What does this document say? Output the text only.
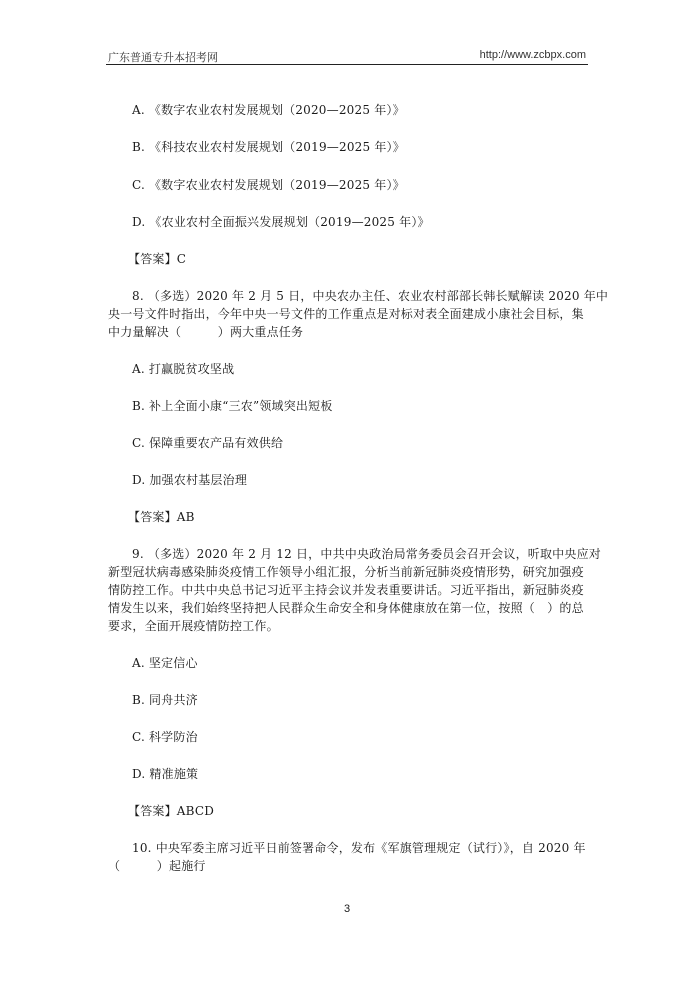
广东普通专升本招考网	http://www.zcbpx.com
A. 《数字农业农村发展规划（2020—2025 年）》
B. 《科技农业农村发展规划（2019—2025 年）》
C. 《数字农业农村发展规划（2019—2025 年）》
D. 《农业农村全面振兴发展规划（2019—2025 年）》
【答案】C
8. （多选）2020 年 2 月 5 日，中央农办主任、农业农村部部长韩长赋解读 2020 年中
央一号文件时指出，今年中央一号文件的工作重点是对标对表全面建成小康社会目标，集
中力量解决（　　　）两大重点任务
A. 打赢脱贫攻坚战
B. 补上全面小康“三农”领域突出短板
C. 保障重要农产品有效供给
D. 加强农村基层治理
【答案】AB
9. （多选）2020 年 2 月 12 日，中共中央政治局常务委员会召开会议，听取中央应对
新型冠状病毒感染肺炎疫情工作领导小组汇报，分析当前新冠肺炎疫情形势，研究加强疫
情防控工作。中共中央总书记习近平主持会议并发表重要讲话。习近平指出，新冠肺炎疫
情发生以来，我们始终坚持把人民群众生命安全和身体健康放在第一位，按照（　）的总
要求，全面开展疫情防控工作。
A. 坚定信心
B. 同舟共济
C. 科学防治
D. 精准施策
【答案】ABCD
10. 中央军委主席习近平日前签署命令，发布《军旗管理规定（试行）》，自 2020 年
（　　　）起施行
3
